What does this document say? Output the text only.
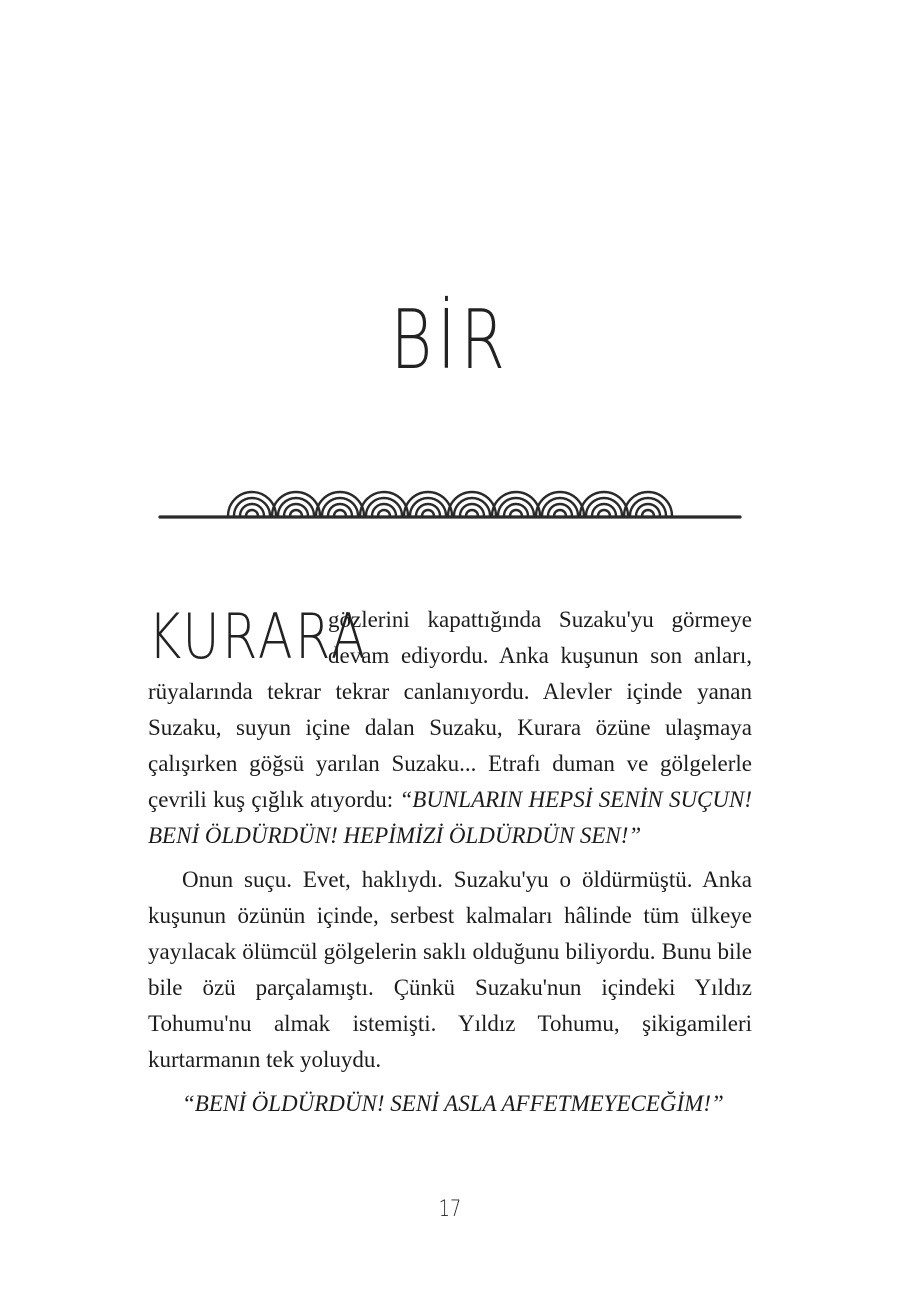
BİR

KURARA
gözlerini kapattığında Suzaku'yu görmeye devam ediyordu. Anka kuşunun son anları, rüyalarında tekrar tekrar canlanıyordu. Alevler içinde yanan Suzaku, suyun içine dalan Suzaku, Kurara özüne ulaşmaya çalışırken göğsü yarılan Suzaku... Etrafı duman ve gölgelerle çevrili kuş çığlık atıyordu: “BUNLARIN HEPSİ SENİN SUÇUN! BENİ ÖLDÜRDÜN! HEPİMİZİ ÖLDÜRDÜN SEN!”

Onun suçu. Evet, haklıydı. Suzaku'yu o öldürmüştü. Anka kuşunun özünün içinde, serbest kalmaları hâlinde tüm ülkeye yayılacak ölümcül gölgelerin saklı olduğunu biliyordu. Bunu bile bile özü parçalamıştı. Çünkü Suzaku'nun içindeki Yıldız Tohumu'nu almak istemişti. Yıldız Tohumu, şikigamileri kurtarmanın tek yoluydu.

“BENİ ÖLDÜRDÜN! SENİ ASLA AFFETMEYECEĞİM!”

17
